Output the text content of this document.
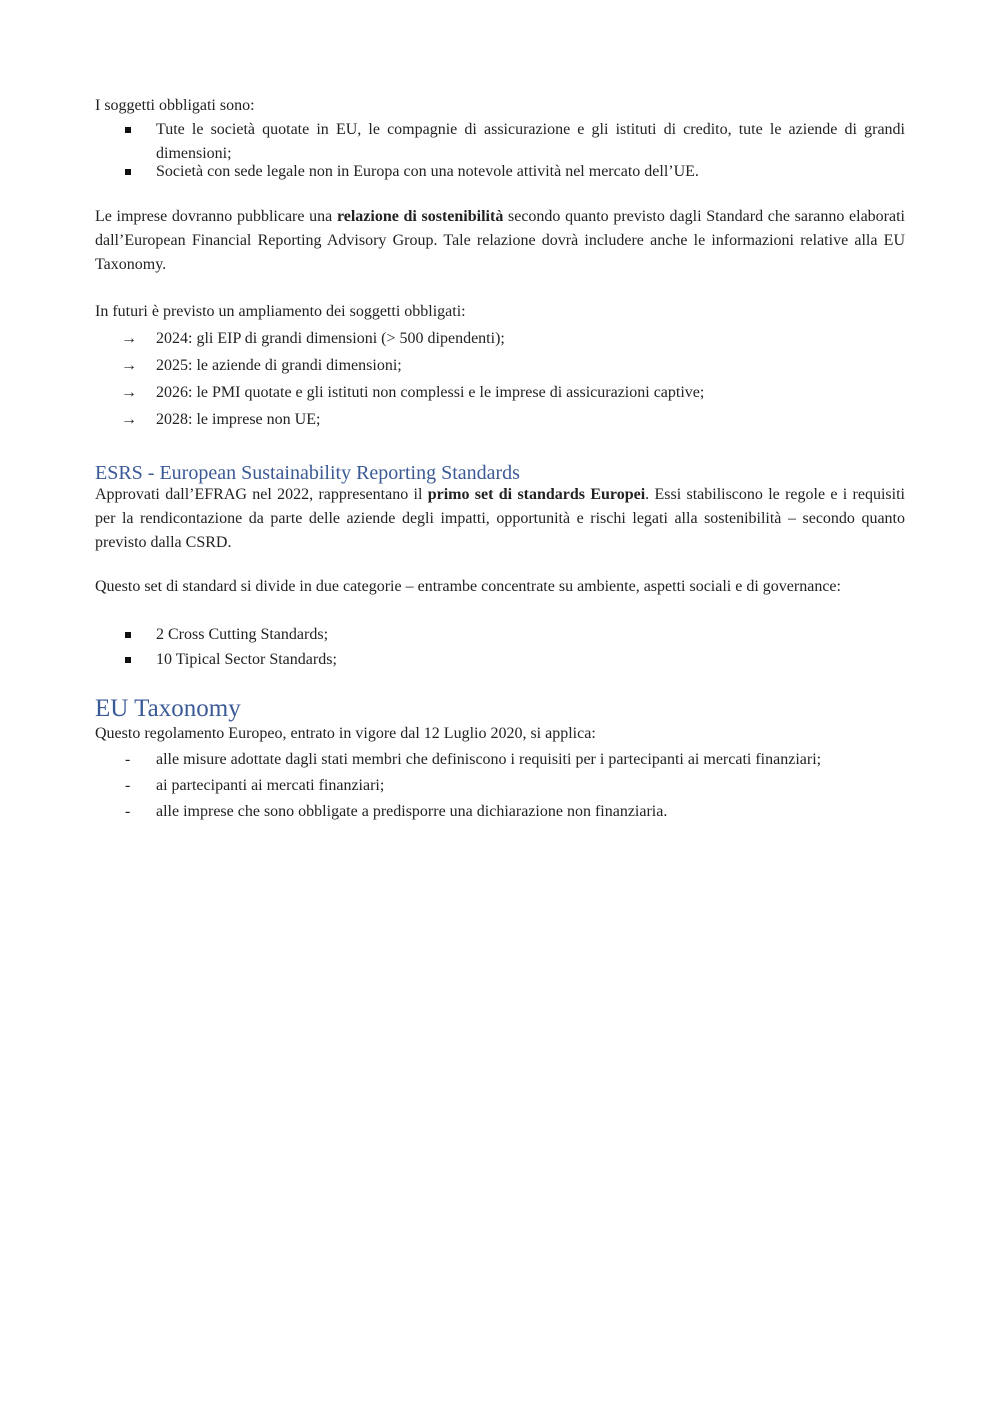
I soggetti obbligati sono:
Tute le società quotate in EU, le compagnie di assicurazione e gli istituti di credito, tute le aziende di grandi dimensioni;
Società con sede legale non in Europa con una notevole attività nel mercato dell’UE.

Le imprese dovranno pubblicare una relazione di sostenibilità secondo quanto previsto dagli Standard che saranno elaborati dall’European Financial Reporting Advisory Group. Tale relazione dovrà includere anche le informazioni relative alla EU Taxonomy.

In futuri è previsto un ampliamento dei soggetti obbligati:
→	2024: gli EIP di grandi dimensioni (> 500 dipendenti);
→	2025: le aziende di grandi dimensioni;
→	2026: le PMI quotate e gli istituti non complessi e le imprese di assicurazioni captive;
→	2028: le imprese non UE;
ESRS - European Sustainability Reporting Standards

Approvati dall’EFRAG nel 2022, rappresentano il primo set di standards Europei. Essi stabiliscono le regole e i requisiti per la rendicontazione da parte delle aziende degli impatti, opportunità e rischi legati alla sostenibilità – secondo quanto previsto dalla CSRD.

Questo set di standard si divide in due categorie – entrambe concentrate su ambiente, aspetti sociali e di governance:

2 Cross Cutting Standards;
10 Tipical Sector Standards;
EU Taxonomy
Questo regolamento Europeo, entrato in vigore dal 12 Luglio 2020, si applica:
-	alle misure adottate dagli stati membri che definiscono i requisiti per i partecipanti ai mercati finanziari;
-	ai partecipanti ai mercati finanziari;
-	alle imprese che sono obbligate a predisporre una dichiarazione non finanziaria.
